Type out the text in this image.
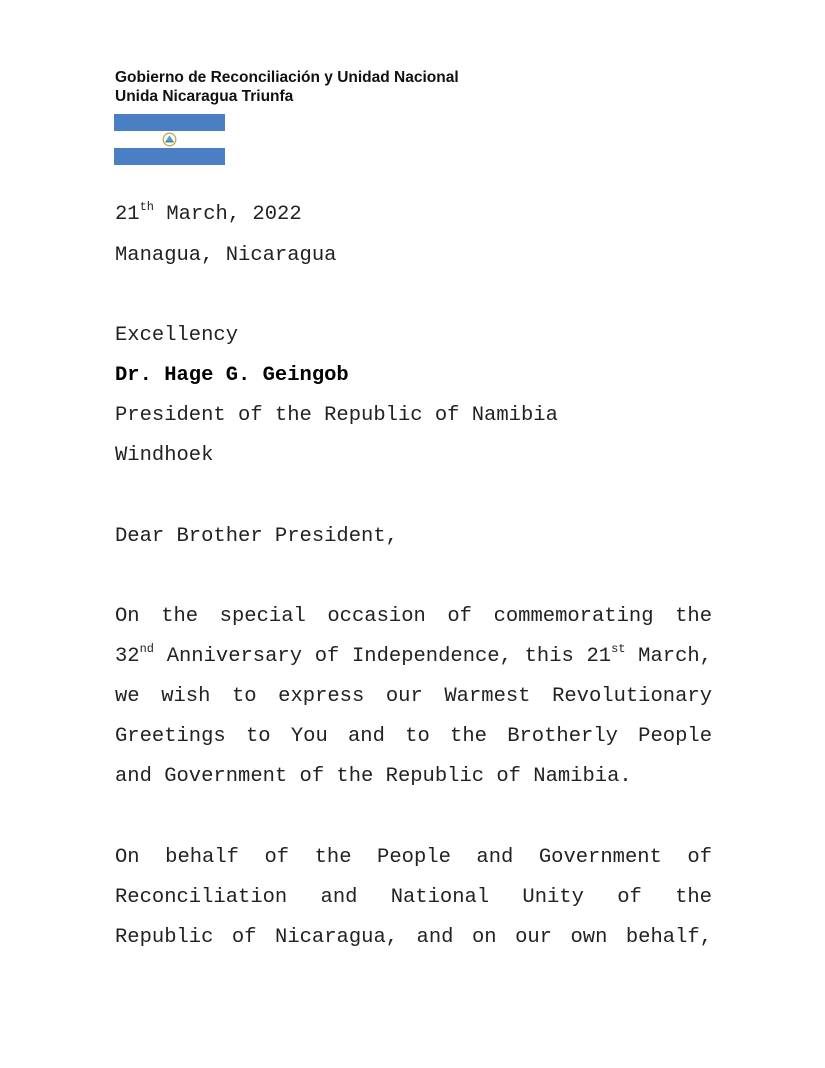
Gobierno de Reconciliación y Unidad Nacional
Unida Nicaragua Triunfa
21th March, 2022
Managua, Nicaragua
Excellency
Dr. Hage G. Geingob
President of the Republic of Namibia
Windhoek
Dear Brother President,
On the special occasion of commemorating the
32nd Anniversary of Independence, this 21st March,
we wish to express our Warmest Revolutionary
Greetings to You and to the Brotherly People
and Government of the Republic of Namibia.
On behalf of the People and Government of
Reconciliation and National Unity of the
Republic of Nicaragua, and on our own behalf,
